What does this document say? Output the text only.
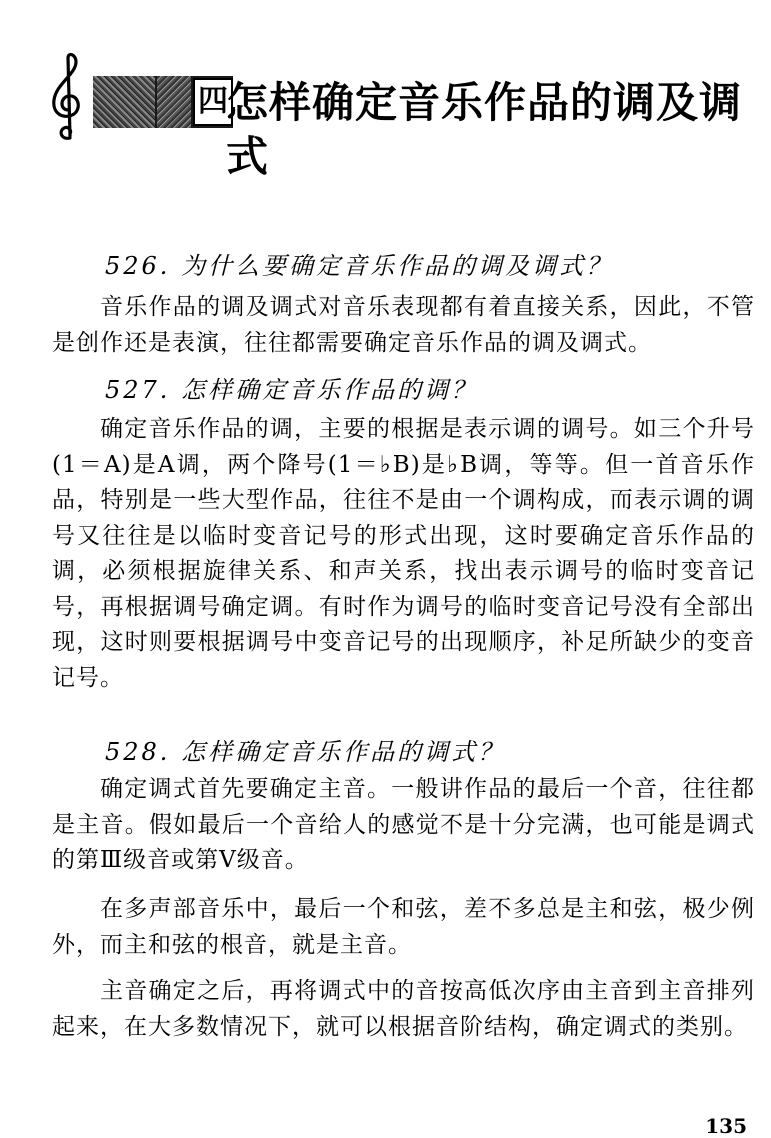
四
怎样确定音乐作品的调及调式
526. 为什么要确定音乐作品的调及调式？
音乐作品的调及调式对音乐表现都有着直接关系，因此，不管是创作还是表演，往往都需要确定音乐作品的调及调式。
527. 怎样确定音乐作品的调？
确定音乐作品的调，主要的根据是表示调的调号。如三个升号(1＝A)是A调，两个降号(1＝♭B)是♭B调，等等。但一首音乐作品，特别是一些大型作品，往往不是由一个调构成，而表示调的调号又往往是以临时变音记号的形式出现，这时要确定音乐作品的调，必须根据旋律关系、和声关系，找出表示调号的临时变音记号，再根据调号确定调。有时作为调号的临时变音记号没有全部出现，这时则要根据调号中变音记号的出现顺序，补足所缺少的变音记号。
528. 怎样确定音乐作品的调式？
确定调式首先要确定主音。一般讲作品的最后一个音，往往都是主音。假如最后一个音给人的感觉不是十分完满，也可能是调式的第Ⅲ级音或第Ⅴ级音。
在多声部音乐中，最后一个和弦，差不多总是主和弦，极少例外，而主和弦的根音，就是主音。
主音确定之后，再将调式中的音按高低次序由主音到主音排列起来，在大多数情况下，就可以根据音阶结构，确定调式的类别。
135
